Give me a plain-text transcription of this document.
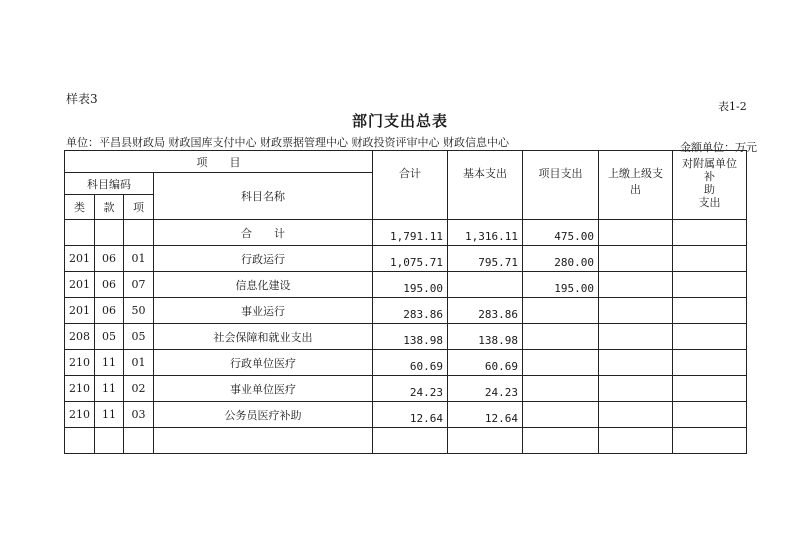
样表3
表1-2
部门支出总表
单位：平昌县财政局 财政国库支付中心 财政票据管理中心 财政投资评审中心 财政信息中心	金额单位：万元
项　　目				合计	基本支出	项目支出	上缴上级支出	对附属单位补
助
支出

科目编码			科目名称					
类	款	项						
			合　　计	1,791.11	1,316.11	475.00		
201	06	01	行政运行	1,075.71	795.71	280.00		
201	06	07	信息化建设	195.00		195.00		
201	06	50	事业运行	283.86	283.86			
208	05	05	社会保障和就业支出	138.98	138.98			
210	11	01	行政单位医疗	60.69	60.69			
210	11	02	事业单位医疗	24.23	24.23			
210	11	03	公务员医疗补助	12.64	12.64			
